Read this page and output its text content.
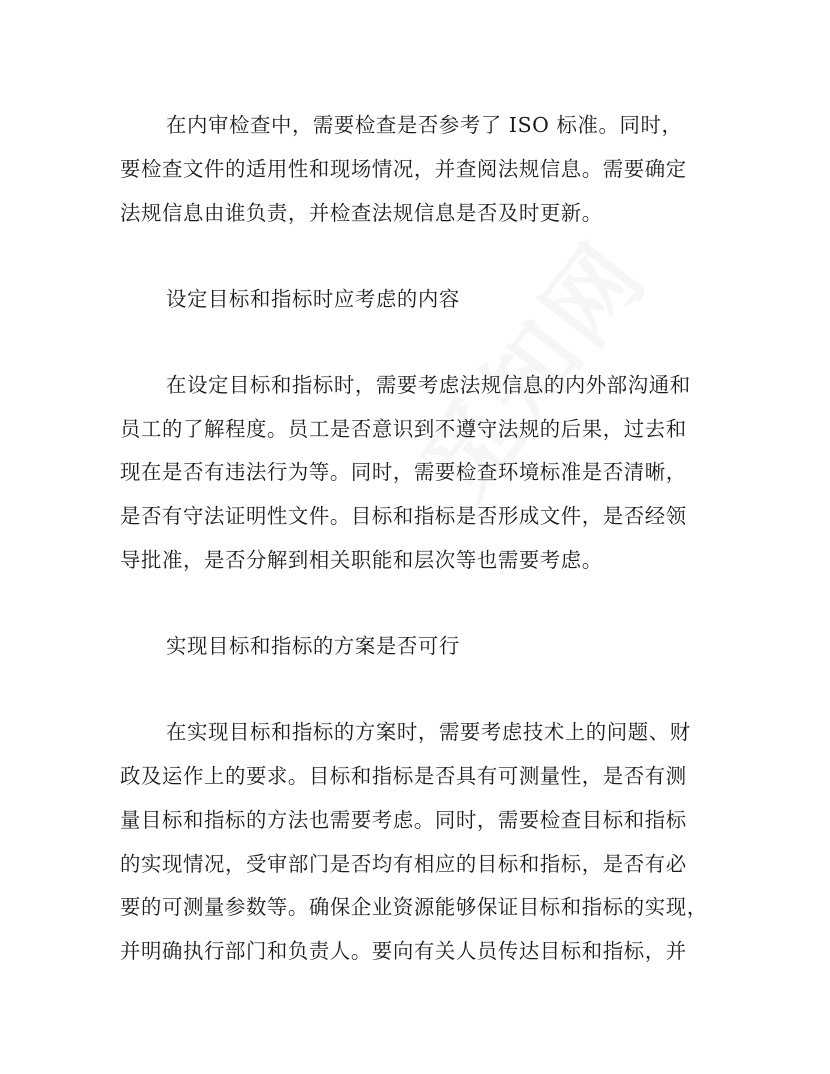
在内审检查中，需要检查是否参考了 ISO 标准。同时，
要检查文件的适用性和现场情况，并查阅法规信息。需要确定
法规信息由谁负责，并检查法规信息是否及时更新。
设定目标和指标时应考虑的内容
在设定目标和指标时，需要考虑法规信息的内外部沟通和
员工的了解程度。员工是否意识到不遵守法规的后果，过去和
现在是否有违法行为等。同时，需要检查环境标准是否清晰，
是否有守法证明性文件。目标和指标是否形成文件，是否经领
导批准，是否分解到相关职能和层次等也需要考虑。
实现目标和指标的方案是否可行
在实现目标和指标的方案时，需要考虑技术上的问题、财
政及运作上的要求。目标和指标是否具有可测量性，是否有测
量目标和指标的方法也需要考虑。同时，需要检查目标和指标
的实现情况，受审部门是否均有相应的目标和指标，是否有必
要的可测量参数等。确保企业资源能够保证目标和指标的实现，
并明确执行部门和负责人。要向有关人员传达目标和指标，并
